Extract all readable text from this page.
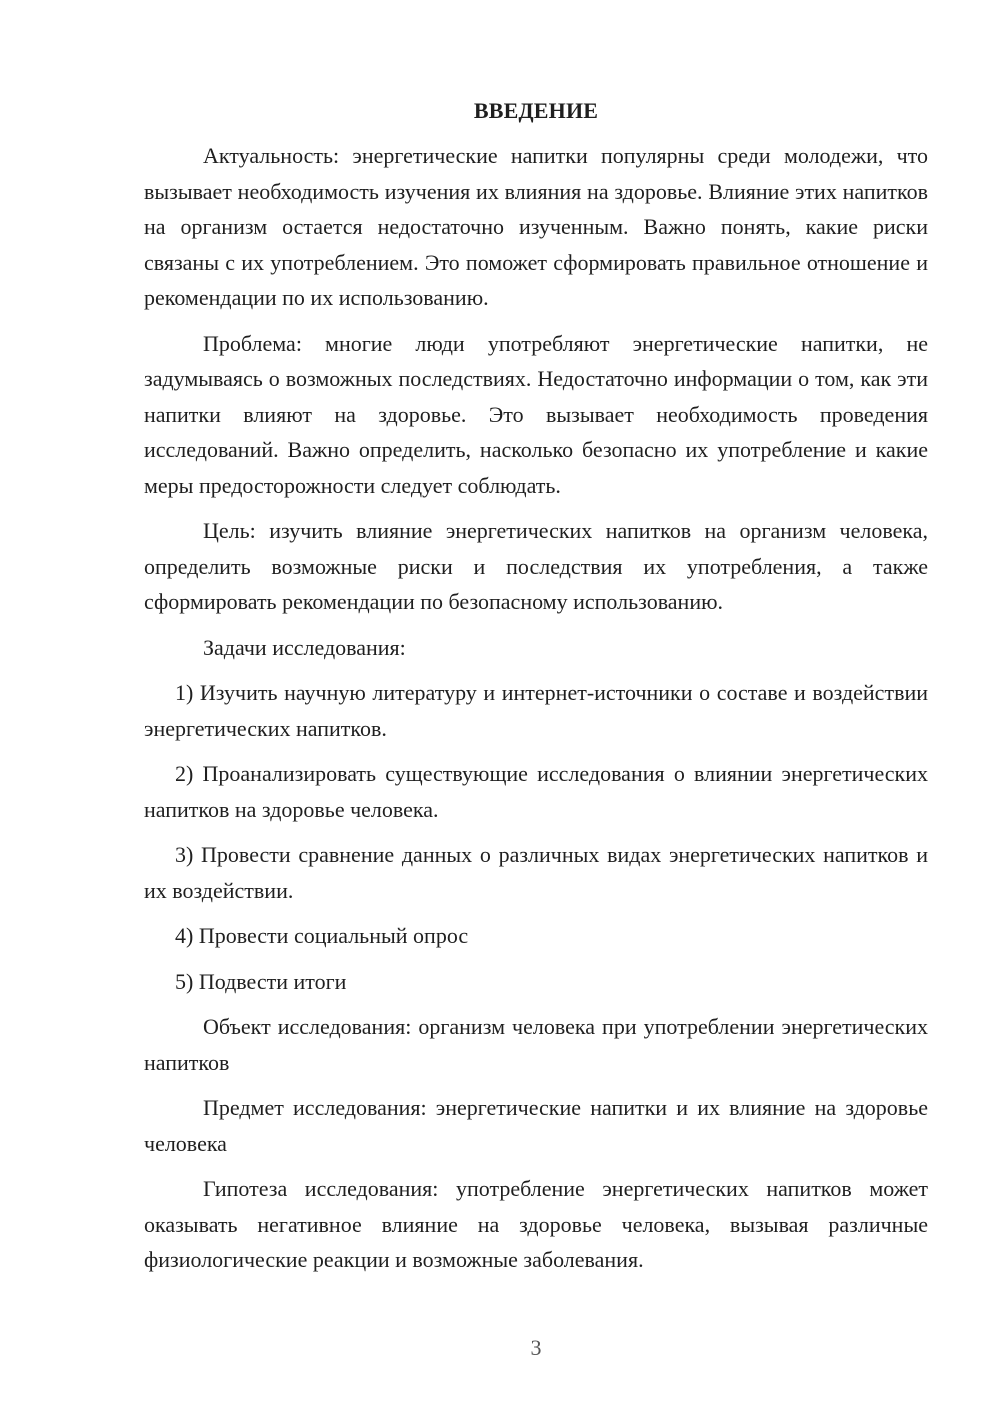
ВВЕДЕНИЕ

Актуальность: энергетические напитки популярны среди молодежи, что вызывает необходимость изучения их влияния на здоровье. Влияние этих напитков на организм остается недостаточно изученным. Важно понять, какие риски связаны с их употреблением. Это поможет сформировать правильное отношение и рекомендации по их использованию.

Проблема: многие люди употребляют энергетические напитки, не задумываясь о возможных последствиях. Недостаточно информации о том, как эти напитки влияют на здоровье. Это вызывает необходимость проведения исследований. Важно определить, насколько безопасно их употребление и какие меры предосторожности следует соблюдать.

Цель: изучить влияние энергетических напитков на организм человека, определить возможные риски и последствия их употребления, а также сформировать рекомендации по безопасному использованию.

Задачи исследования:

1) Изучить научную литературу и интернет-источники о составе и воздействии энергетических напитков.

2) Проанализировать существующие исследования о влиянии энергетических напитков на здоровье человека.

3) Провести сравнение данных о различных видах энергетических напитков и их воздействии.

4) Провести социальный опрос

5) Подвести итоги

Объект исследования: организм человека при употреблении энергетических напитков

Предмет исследования: энергетические напитки и их влияние на здоровье человека

Гипотеза исследования: употребление энергетических напитков может оказывать негативное влияние на здоровье человека, вызывая различные физиологические реакции и возможные заболевания.

3
